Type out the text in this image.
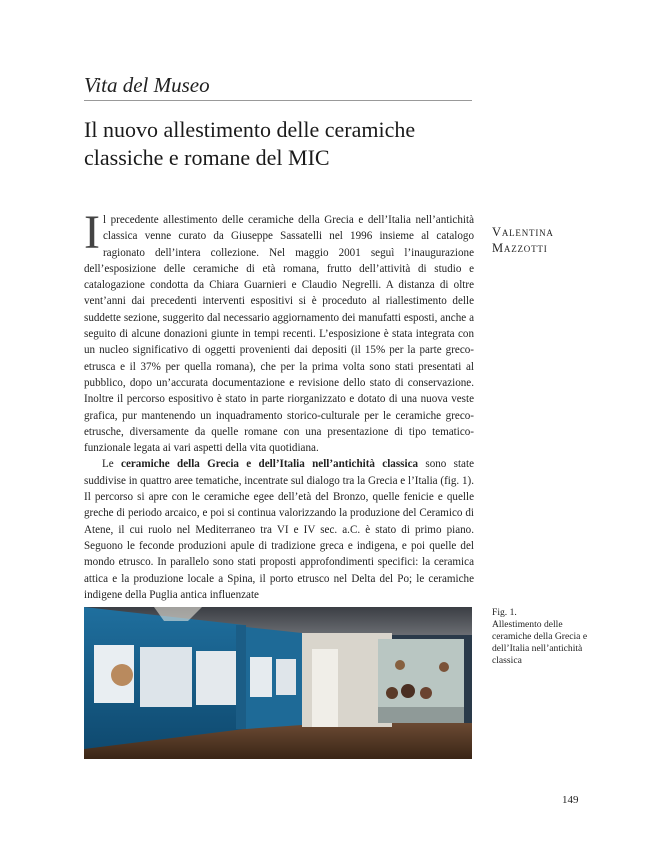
Vita del Museo
Il nuovo allestimento delle ceramiche
classiche e romane del MIC
Valentina
Mazzotti

Il precedente allestimento delle ceramiche della Grecia e dell’Italia nell’antichità classica venne curato da Giuseppe Sassatelli nel 1996 insieme al catalogo ragionato dell’intera collezione. Nel maggio 2001 seguì l’inaugurazione dell’esposizione delle ceramiche di età romana, frutto dell’attività di studio e catalogazione condotta da Chiara Guarnieri e Claudio Negrelli. A distanza di oltre vent’anni dai precedenti interventi espositivi si è proceduto al riallestimento delle suddette sezione, suggerito dal necessario aggiornamento dei manufatti esposti, anche a seguito di alcune donazioni giunte in tempi recenti. L’esposizione è stata integrata con un nucleo significativo di oggetti provenienti dai depositi (il 15% per la parte greco-etrusca e il 37% per quella romana), che per la prima volta sono stati presentati al pubblico, dopo un’accurata documentazione e revisione dello stato di conservazione. Inoltre il percorso espositivo è stato in parte riorganizzato e dotato di una nuova veste grafica, pur mantenendo un inquadramento storico-culturale per le ceramiche greco-etrusche, diversamente da quelle romane con una presentazione di tipo tematico-funzionale legata ai vari aspetti della vita quotidiana.

Le ceramiche della Grecia e dell’Italia nell’antichità classica sono state suddivise in quattro aree tematiche, incentrate sul dialogo tra la Grecia e l’Italia (fig. 1). Il percorso si apre con le ceramiche egee dell’età del Bronzo, quelle fenicie e quelle greche di periodo arcaico, e poi si continua valorizzando la produzione del Ceramico di Atene, il cui ruolo nel Mediterraneo tra VI e IV sec. a.C. è stato di primo piano. Seguono le feconde produzioni apule di tradizione greca e indigena, e poi quelle del mondo etrusco. In parallelo sono stati proposti approfondimenti specifici: la ceramica attica e la produzione locale a Spina, il porto etrusco nel Delta del Po; le ceramiche indigene della Puglia antica influenzate

Fig. 1.
Allestimento delle ceramiche della Grecia e dell’Italia nell’antichità classica
149
